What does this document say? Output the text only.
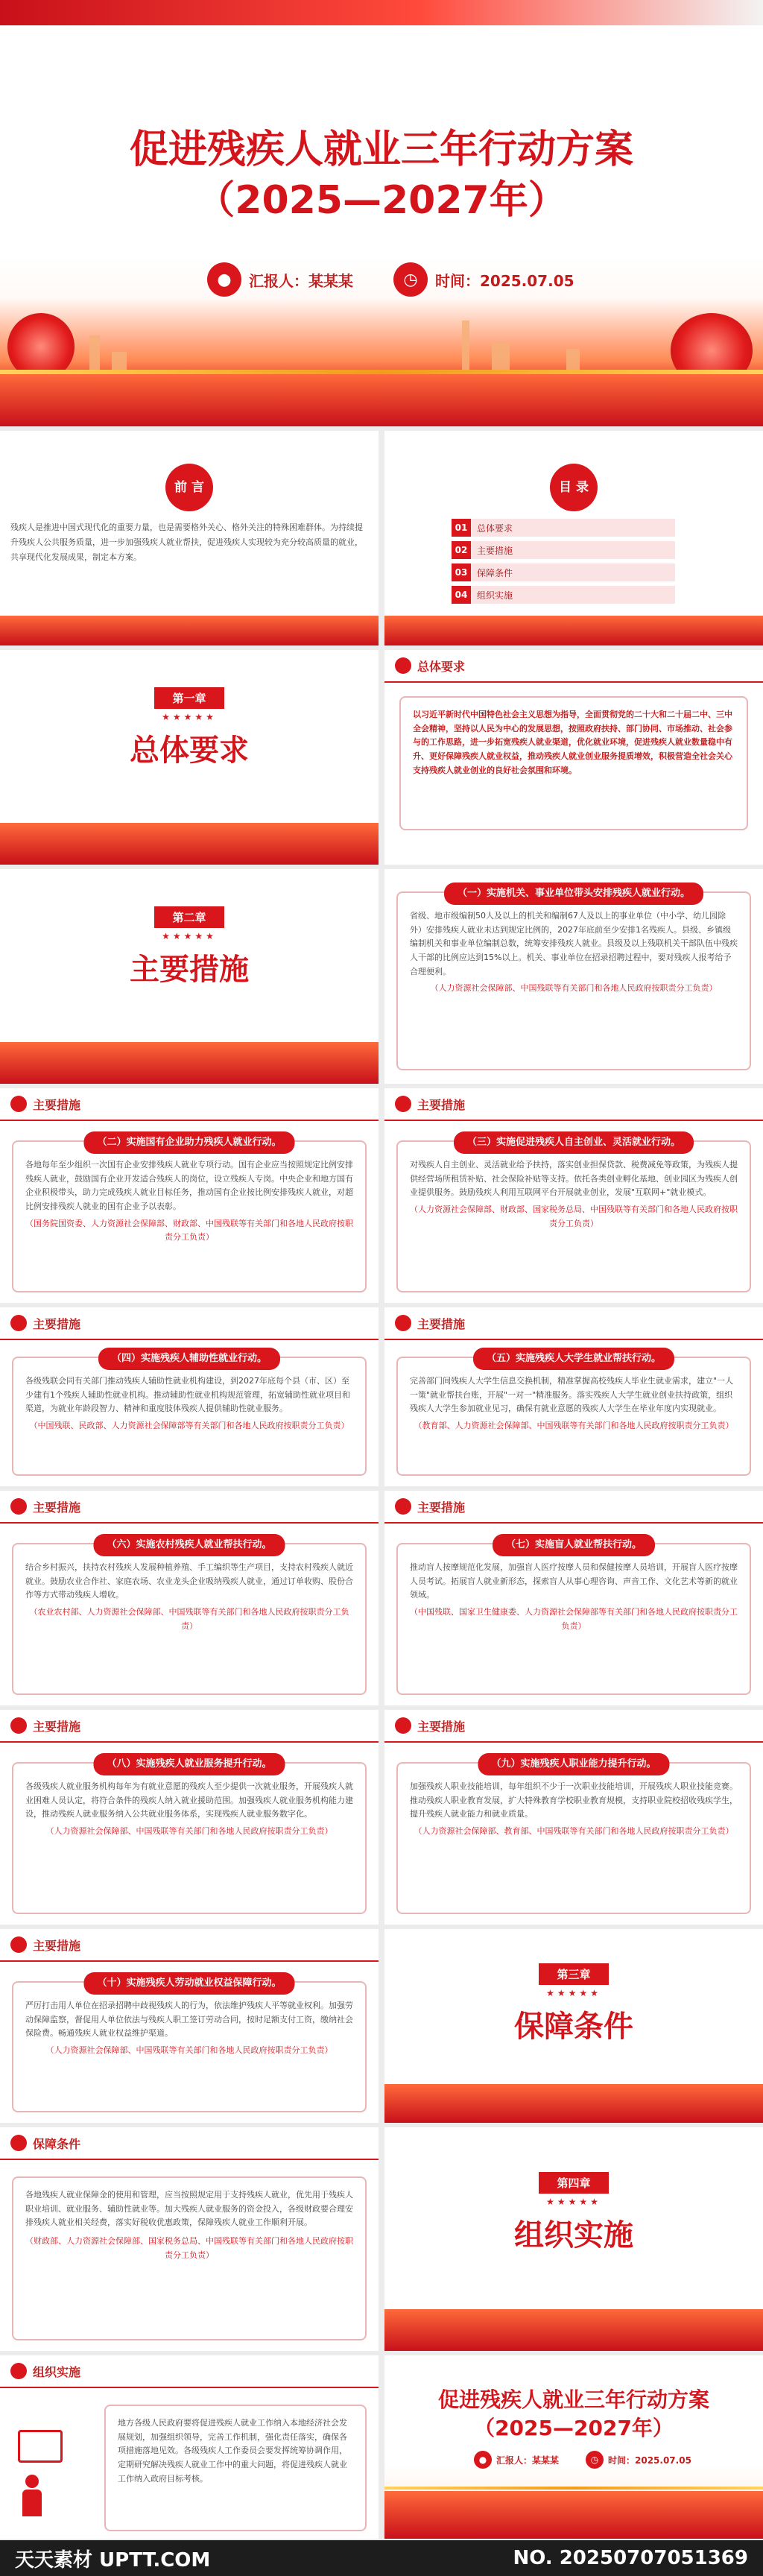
促进残疾人就业三年行动方案
（2025—2027年）
●	汇报人：某某某	◷	时间：2025.07.05
前 言
残疾人是推进中国式现代化的重要力量，也是需要格外关心、格外关注的特殊困难群体。为持续提升残疾人公共服务质量，进一步加强残疾人就业帮扶，促进残疾人实现较为充分较高质量的就业，共享现代化发展成果，制定本方案。
目 录
01	总体要求
02	主要措施
03	保障条件
04	组织实施
第一章
★★★★★
总体要求
总体要求
以习近平新时代中国特色社会主义思想为指导，全面贯彻党的二十大和二十届二中、三中全会精神，坚持以人民为中心的发展思想，按照政府扶持、部门协同、市场推动、社会参与的工作思路，进一步拓宽残疾人就业渠道，优化就业环境，促进残疾人就业数量稳中有升、更好保障残疾人就业权益，推动残疾人就业创业服务提质增效，积极营造全社会关心支持残疾人就业创业的良好社会氛围和环境。
第二章
★★★★★
主要措施
（一）实施机关、事业单位带头安排残疾人就业行动。
省级、地市级编制50人及以上的机关和编制67人及以上的事业单位（中小学、幼儿园除外）安排残疾人就业未达到规定比例的，2027年底前至少安排1名残疾人。县级、乡镇级编制机关和事业单位编制总数，统筹安排残疾人就业。县级及以上残联机关干部队伍中残疾人干部的比例应达到15%以上。机关、事业单位在招录招聘过程中，要对残疾人报考给予合理便利。
（人力资源社会保障部、中国残联等有关部门和各地人民政府按职责分工负责）
主要措施
（二）实施国有企业助力残疾人就业行动。
各地每年至少组织一次国有企业安排残疾人就业专项行动。国有企业应当按照规定比例安排残疾人就业，鼓励国有企业开发适合残疾人的岗位，设立残疾人专岗。中央企业和地方国有企业积极带头，助力完成残疾人就业目标任务，推动国有企业按比例安排残疾人就业，对超比例安排残疾人就业的国有企业予以表彰。
（国务院国资委、人力资源社会保障部、财政部、中国残联等有关部门和各地人民政府按职责分工负责）
主要措施
（三）实施促进残疾人自主创业、灵活就业行动。
对残疾人自主创业、灵活就业给予扶持，落实创业担保贷款、税费减免等政策，为残疾人提供经营场所租赁补贴、社会保险补贴等支持。依托各类创业孵化基地、创业园区为残疾人创业提供服务。鼓励残疾人利用互联网平台开展就业创业，发展"互联网+"就业模式。
（人力资源社会保障部、财政部、国家税务总局、中国残联等有关部门和各地人民政府按职责分工负责）
主要措施
（四）实施残疾人辅助性就业行动。
各级残联会同有关部门推动残疾人辅助性就业机构建设，到2027年底每个县（市、区）至少建有1个残疾人辅助性就业机构。推动辅助性就业机构规范管理，拓宽辅助性就业项目和渠道，为就业年龄段智力、精神和重度肢体残疾人提供辅助性就业服务。
（中国残联、民政部、人力资源社会保障部等有关部门和各地人民政府按职责分工负责）
主要措施
（五）实施残疾人大学生就业帮扶行动。
完善部门间残疾人大学生信息交换机制，精准掌握高校残疾人毕业生就业需求，建立"一人一策"就业帮扶台账，开展"一对一"精准服务。落实残疾人大学生就业创业扶持政策，组织残疾人大学生参加就业见习，确保有就业意愿的残疾人大学生在毕业年度内实现就业。
（教育部、人力资源社会保障部、中国残联等有关部门和各地人民政府按职责分工负责）
主要措施
（六）实施农村残疾人就业帮扶行动。
结合乡村振兴，扶持农村残疾人发展种植养殖、手工编织等生产项目，支持农村残疾人就近就业。鼓励农业合作社、家庭农场、农业龙头企业吸纳残疾人就业，通过订单收购、股份合作等方式带动残疾人增收。
（农业农村部、人力资源社会保障部、中国残联等有关部门和各地人民政府按职责分工负责）
主要措施
（七）实施盲人就业帮扶行动。
推动盲人按摩规范化发展，加强盲人医疗按摩人员和保健按摩人员培训，开展盲人医疗按摩人员考试。拓展盲人就业新形态，探索盲人从事心理咨询、声音工作、文化艺术等新的就业领域。
（中国残联、国家卫生健康委、人力资源社会保障部等有关部门和各地人民政府按职责分工负责）
主要措施
（八）实施残疾人就业服务提升行动。
各级残疾人就业服务机构每年为有就业意愿的残疾人至少提供一次就业服务，开展残疾人就业困难人员认定，将符合条件的残疾人纳入就业援助范围。加强残疾人就业服务机构能力建设，推动残疾人就业服务纳入公共就业服务体系，实现残疾人就业服务数字化。
（人力资源社会保障部、中国残联等有关部门和各地人民政府按职责分工负责）
主要措施
（九）实施残疾人职业能力提升行动。
加强残疾人职业技能培训，每年组织不少于一次职业技能培训，开展残疾人职业技能竞赛。推动残疾人职业教育发展，扩大特殊教育学校职业教育规模，支持职业院校招收残疾学生，提升残疾人就业能力和就业质量。
（人力资源社会保障部、教育部、中国残联等有关部门和各地人民政府按职责分工负责）
主要措施
（十）实施残疾人劳动就业权益保障行动。
严厉打击用人单位在招录招聘中歧视残疾人的行为，依法维护残疾人平等就业权利。加强劳动保障监察，督促用人单位依法与残疾人职工签订劳动合同，按时足额支付工资，缴纳社会保险费。畅通残疾人就业权益维护渠道。
（人力资源社会保障部、中国残联等有关部门和各地人民政府按职责分工负责）
第三章
★★★★★
保障条件
保障条件
各地残疾人就业保障金的使用和管理，应当按照规定用于支持残疾人就业，优先用于残疾人职业培训、就业服务、辅助性就业等。加大残疾人就业服务的资金投入，各级财政要合理安排残疾人就业相关经费，落实好税收优惠政策，保障残疾人就业工作顺利开展。
（财政部、人力资源社会保障部、国家税务总局、中国残联等有关部门和各地人民政府按职责分工负责）
第四章
★★★★★
组织实施
组织实施
地方各级人民政府要将促进残疾人就业工作纳入本地经济社会发展规划，加强组织领导，完善工作机制，强化责任落实，确保各项措施落地见效。各级残疾人工作委员会要发挥统筹协调作用，定期研究解决残疾人就业工作中的重大问题，将促进残疾人就业工作纳入政府目标考核。
促进残疾人就业三年行动方案
（2025—2027年）
●	汇报人：某某某	◷	时间：2025.07.05
天天素材 UPTT.COM	NO. 20250707051369
